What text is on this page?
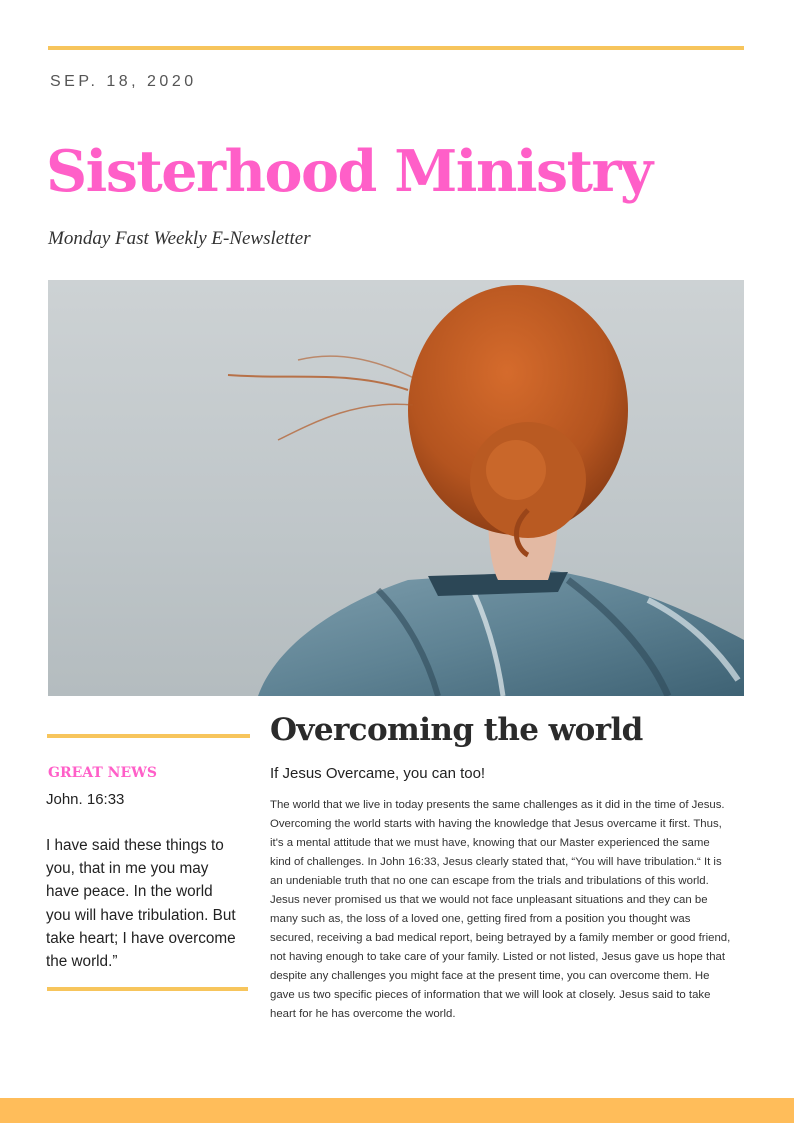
SEP. 18, 2020
Sisterhood Ministry
Monday Fast Weekly E-Newsletter
GREAT NEWS
John. 16:33

I have said these things to you, that in me you may have peace. In the world you will have tribulation. But take heart; I have overcome the world.”

Overcoming the world
If Jesus Overcame, you can too!

The world that we live in today presents the same challenges as it did in the time of Jesus. Overcoming the world starts with having the knowledge that Jesus overcame it first. Thus, it's a mental attitude that we must have, knowing that our Master experienced the same kind of challenges. In John 16:33, Jesus clearly stated that, “You will have tribulation.“ It is an undeniable truth that no one can escape from the trials and tribulations of this world. Jesus never promised us that we would not face unpleasant situations and they can be many such as, the loss of a loved one, getting fired from a position you thought was secured, receiving a bad medical report, being betrayed by a family member or good friend, not having enough to take care of your family. Listed or not listed, Jesus gave us hope that despite any challenges you might face at the present time, you can overcome them. He gave us two specific pieces of information that we will look at closely. Jesus said to take heart for he has overcome the world.
